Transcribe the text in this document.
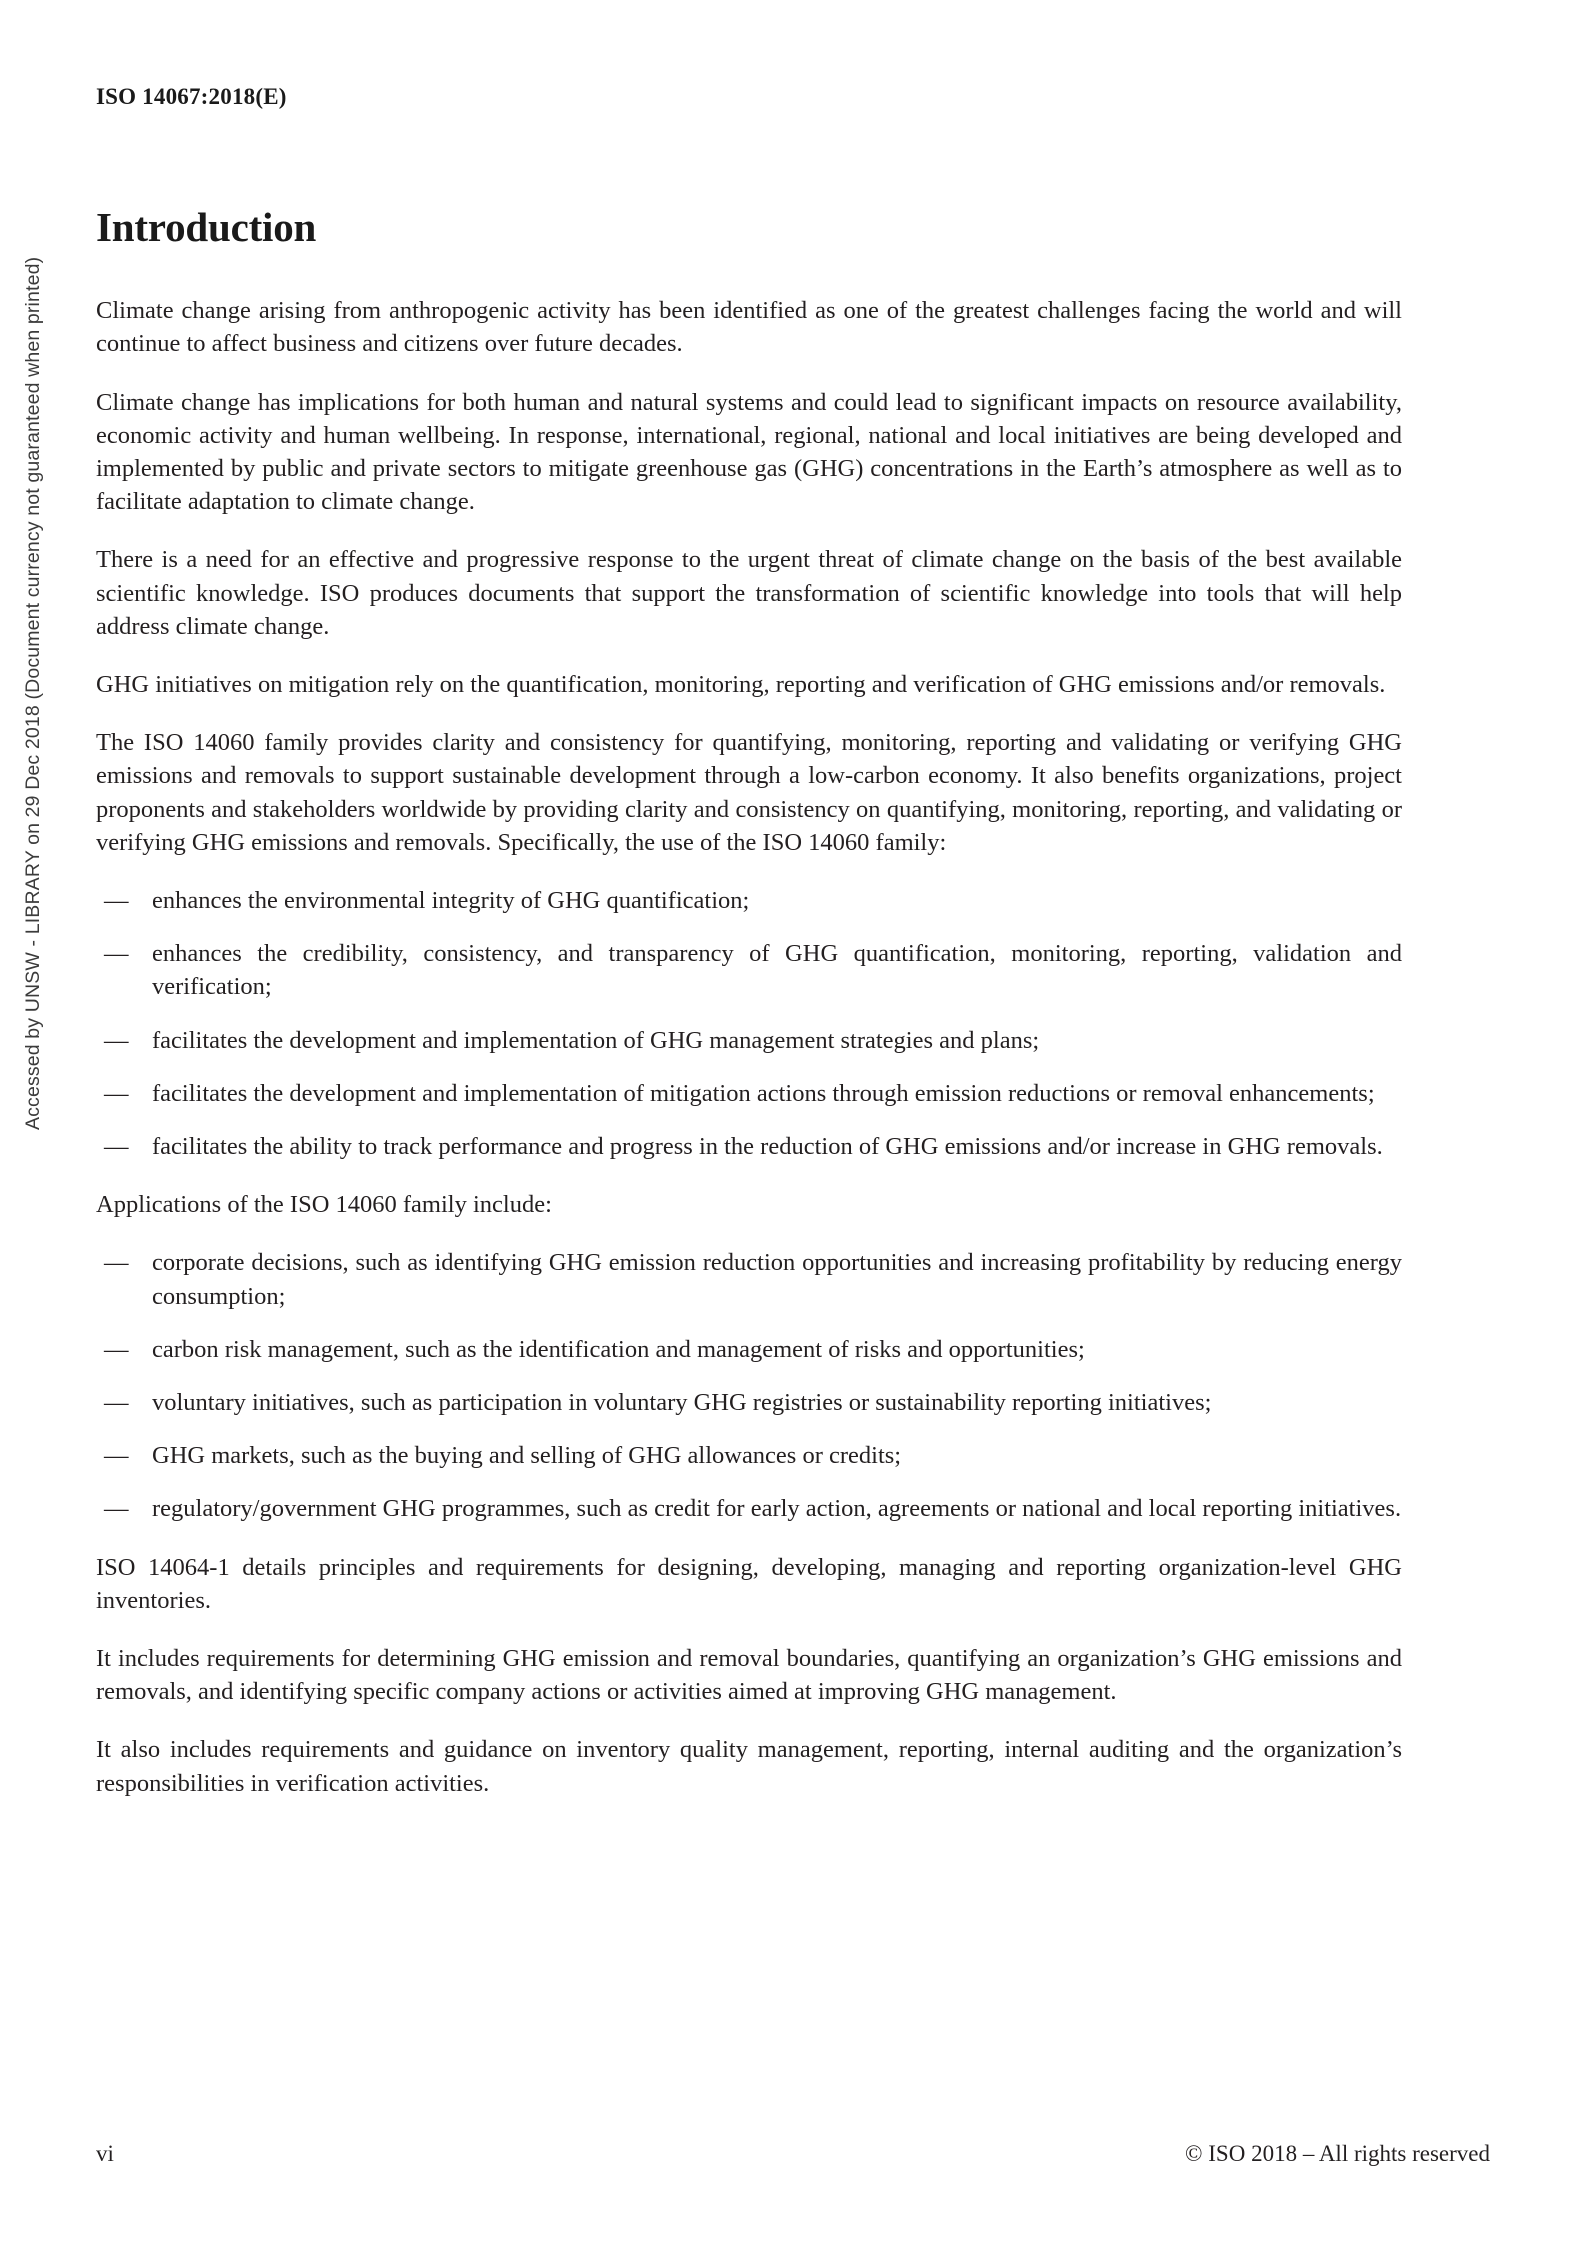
Accessed by UNSW - LIBRARY on 29 Dec 2018 (Document currency not guaranteed when printed)
ISO 14067:2018(E)
Introduction

Climate change arising from anthropogenic activity has been identified as one of the greatest challenges facing the world and will continue to affect business and citizens over future decades.

Climate change has implications for both human and natural systems and could lead to significant impacts on resource availability, economic activity and human wellbeing. In response, international, regional, national and local initiatives are being developed and implemented by public and private sectors to mitigate greenhouse gas (GHG) concentrations in the Earth’s atmosphere as well as to facilitate adaptation to climate change.

There is a need for an effective and progressive response to the urgent threat of climate change on the basis of the best available scientific knowledge. ISO produces documents that support the transformation of scientific knowledge into tools that will help address climate change.

GHG initiatives on mitigation rely on the quantification, monitoring, reporting and verification of GHG emissions and/or removals.

The ISO 14060 family provides clarity and consistency for quantifying, monitoring, reporting and validating or verifying GHG emissions and removals to support sustainable development through a low-carbon economy. It also benefits organizations, project proponents and stakeholders worldwide by providing clarity and consistency on quantifying, monitoring, reporting, and validating or verifying GHG emissions and removals. Specifically, the use of the ISO 14060 family:

— enhances the environmental integrity of GHG quantification;
— enhances the credibility, consistency, and transparency of GHG quantification, monitoring, reporting, validation and verification;
— facilitates the development and implementation of GHG management strategies and plans;
— facilitates the development and implementation of mitigation actions through emission reductions or removal enhancements;
— facilitates the ability to track performance and progress in the reduction of GHG emissions and/or increase in GHG removals.

Applications of the ISO 14060 family include:

— corporate decisions, such as identifying GHG emission reduction opportunities and increasing profitability by reducing energy consumption;
— carbon risk management, such as the identification and management of risks and opportunities;
— voluntary initiatives, such as participation in voluntary GHG registries or sustainability reporting initiatives;
— GHG markets, such as the buying and selling of GHG allowances or credits;
— regulatory/government GHG programmes, such as credit for early action, agreements or national and local reporting initiatives.

ISO 14064-1 details principles and requirements for designing, developing, managing and reporting organization-level GHG inventories.

It includes requirements for determining GHG emission and removal boundaries, quantifying an organization’s GHG emissions and removals, and identifying specific company actions or activities aimed at improving GHG management.

It also includes requirements and guidance on inventory quality management, reporting, internal auditing and the organization’s responsibilities in verification activities.

vi	© ISO 2018 – All rights reserved
